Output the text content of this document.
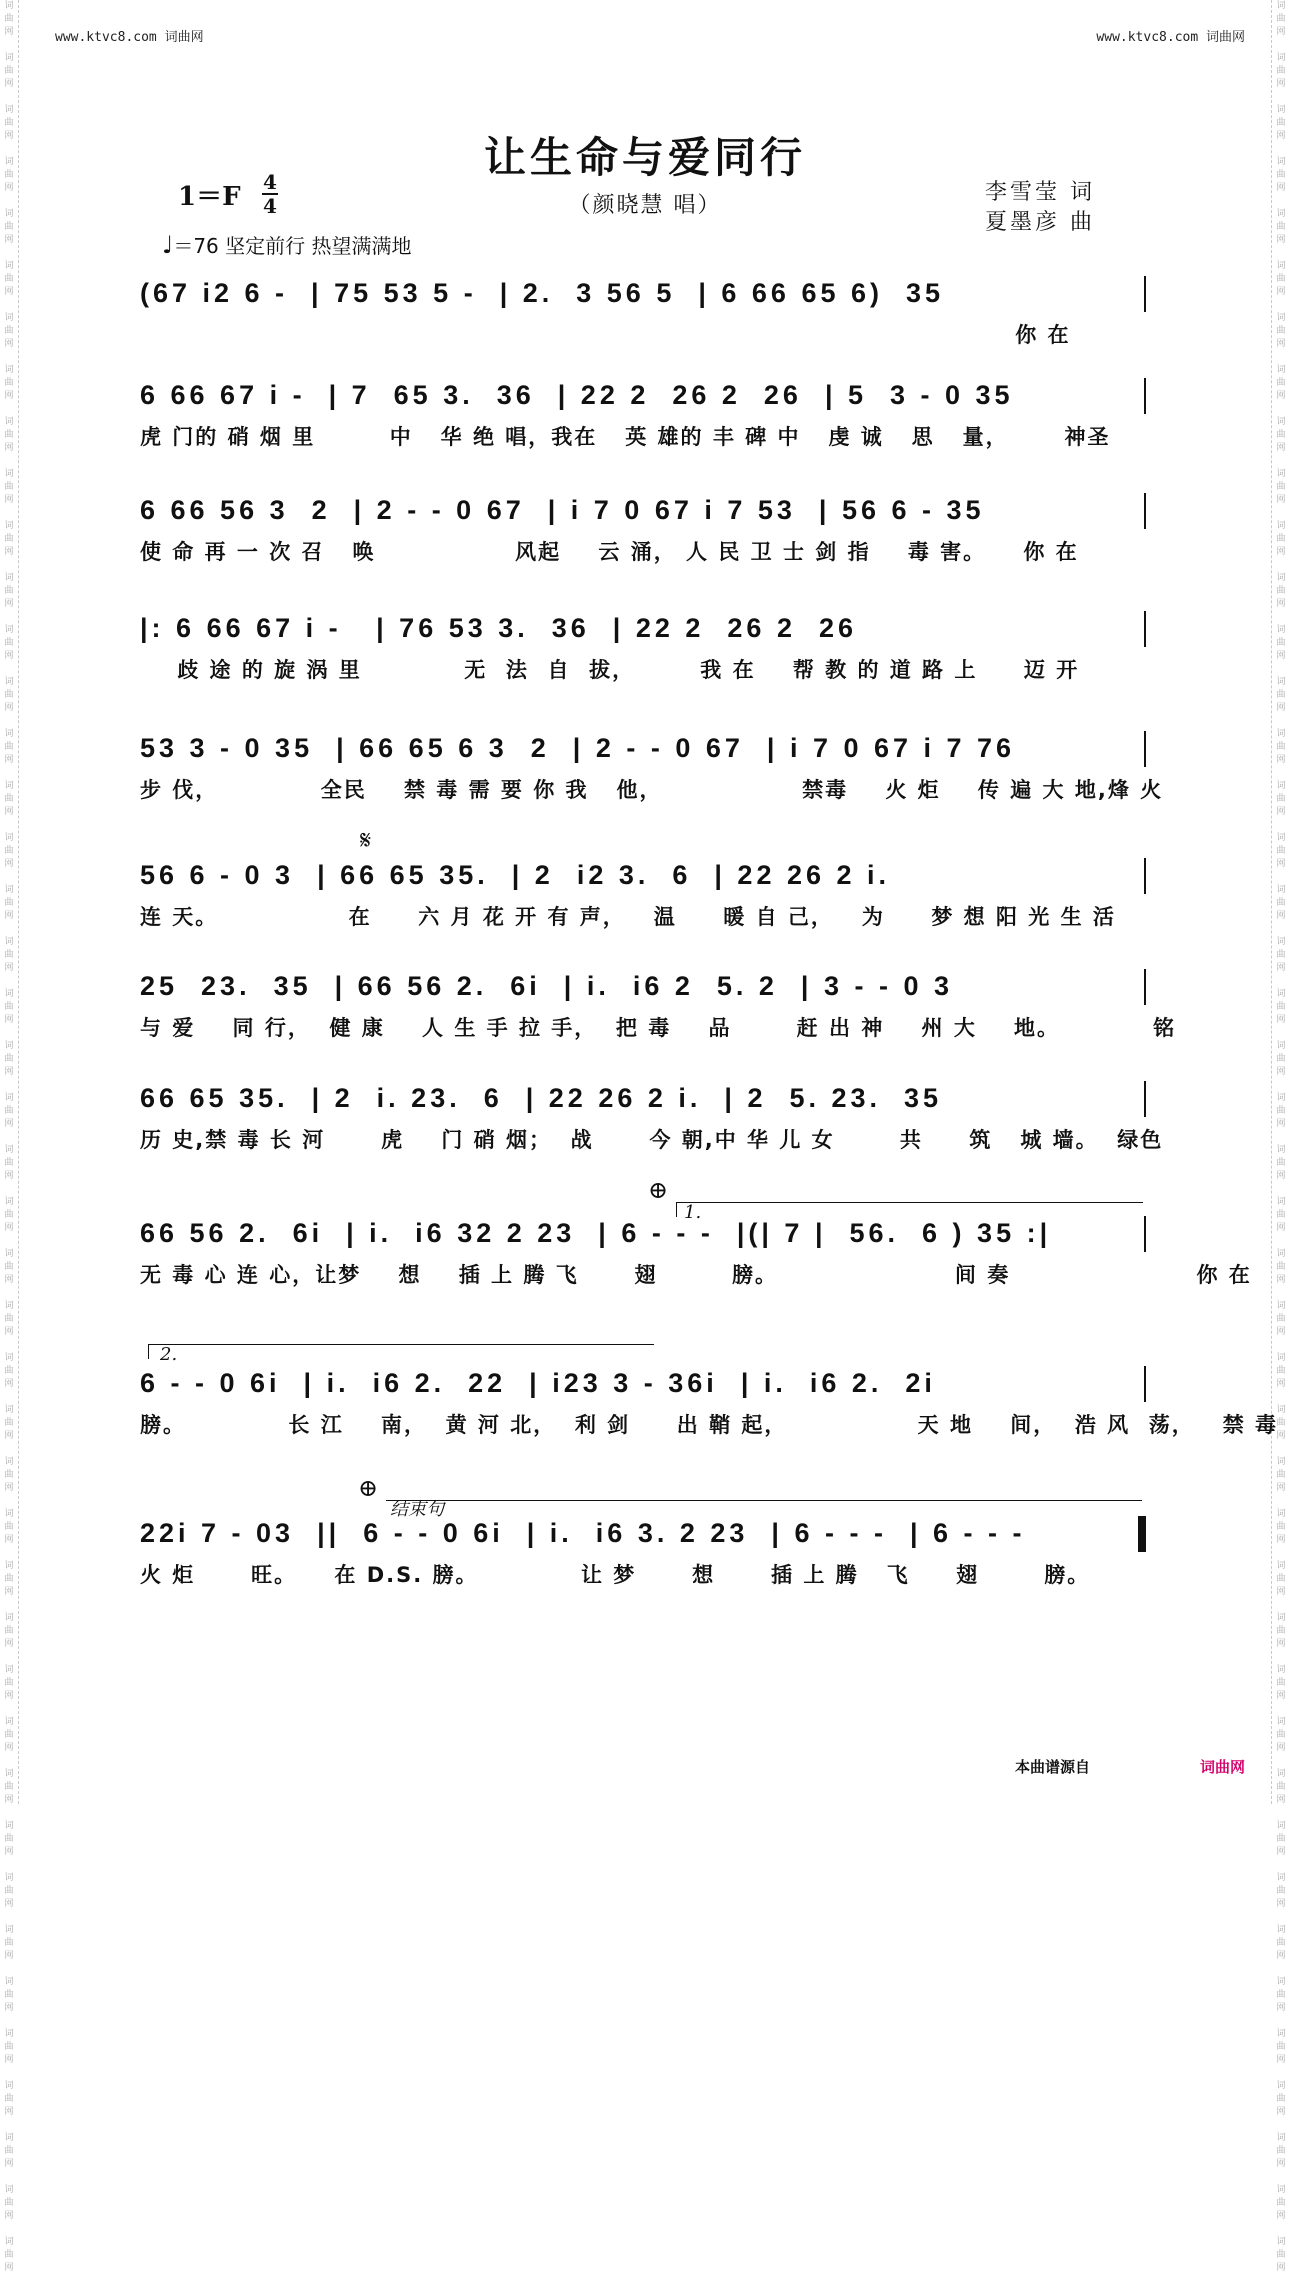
词
曲
网

词
曲
网

词
曲
网

词
曲
网

词
曲
网

词
曲
网

词
曲
网

词
曲
网

词
曲
网

词
曲
网

词
曲
网

词
曲
网

词
曲
网

词
曲
网

词
曲
网

词
曲
网

词
曲
网

词
曲
网

词
曲
网

词
曲
网

词
曲
网

词
曲
网

词
曲
网

词
曲
网

词
曲
网

词
曲
网

词
曲
网

词
曲
网

词
曲
网

词
曲
网

词
曲
网

词
曲
网

词
曲
网

词
曲
网

词
曲
网

词
曲
网

词
曲
网

词
曲
网

词
曲
网

词
曲
网

词
曲
网

词
曲
网

词
曲
网

词
曲
网

词
曲
网

词
曲
网

词
曲
网

词
曲
网

词
曲
网

词
曲
网

词
曲
网

词
曲
网

词
曲
网

词
曲
网

词
曲
网

词
曲
网

词
曲
网

词
曲
网

词
曲
网

词
曲
网

词
曲
网

词
曲
网

词
曲
网

词
曲
网

词
曲
网

词
曲
网

词
曲
网

词
曲
网

词
曲
网

词
曲
网

词
曲
网

词
曲
网

词
曲
网

词
曲
网

词
曲
网

词
曲
网

词
曲
网

词
曲
网

词
曲
网

词
曲
网

词
曲
网

词
曲
网

词
曲
网

词
曲
网

词
曲
网

词
曲
网

词
曲
网

词
曲
网

www.ktvc8.com 词曲网	www.ktvc8.com 词曲网
让生命与爱同行
（颜晓慧 唱）
1＝F 4
4
♩＝76 坚定前行 热望满满地
李雪莹 词
夏墨彦 曲
(67 i2 6 -  | 75 53 5 -  | 2.  3 56 5  | 6 66 65 6)  35
你 在
6 66 67 i -  | 7  65 3.  36  | 22 2  26 2  26  | 5  3 - 0 35
虎 门的 硝 烟 里        中   华 绝 唱，我在   英 雄的 丰 碑 中   虔 诚   思   量，      神圣
6 66 56 3  2  | 2 - - 0 67  | i 7 0 67 i 7 53  | 56 6 - 35
使 命 再 一 次 召   唤               风起    云 涌， 人 民 卫 士 剑 指    毒 害。    你 在
|: 6 66 67 i -   | 76 53 3.  36  | 22 2  26 2  26
歧 途 的 旋 涡 里           无  法  自  拔，       我 在    帮 教 的 道 路 上     迈 开
53 3 - 0 35  | 66 65 6 3  2  | 2 - - 0 67  | i 7 0 67 i 7 76
步 伐，           全民    禁 毒 需 要 你 我   他，               禁毒    火 炬    传 遍 大 地,烽 火
56 6 - 0 3  | 66 65 35.  | 2  i2 3.  6  | 22 26 2 i.
连 天。              在     六 月 花 开 有 声，   温     暖 自 己，   为     梦 想 阳 光 生 活
25  23.  35  | 66 56 2.  6i  | i.  i6 2  5. 2  | 3 - - 0 3
与 爱    同 行，  健 康    人 生 手 拉 手，  把 毒    品       赶 出 神    州 大    地。          铭
66 65 35.  | 2  i. 23.  6  | 22 26 2 i.  | 2  5. 23.  35
历 史,禁 毒 长 河      虎    门 硝 烟；  战      今 朝,中 华 儿 女       共     筑   城 墙。  绿色
66 56 2.  6i  | i.  i6 32 2 23  | 6 - - -  |(| 7 |  56.  6 ) 35 :|
无 毒 心 连 心，让梦    想    插 上 腾 飞      翅        膀。                   间 奏                    你 在
6 - - 0 6i  | i.  i6 2.  22  | i23 3 - 36i  | i.  i6 2.  2i
膀。           长 江    南，  黄 河 北，  利 剑     出 鞘 起，              天 地    间，  浩 风  荡，   禁 毒
22i 7 - 03  ||  6 - - 0 6i  | i.  i6 3. 2 23  | 6 - - -  | 6 - - -
火 炬      旺。    在 D.S. 膀。           让 梦      想      插 上 腾   飞     翅       膀。
𝄋
⊕
1.
2.
⊕
结束句
本曲谱源自	词曲网
